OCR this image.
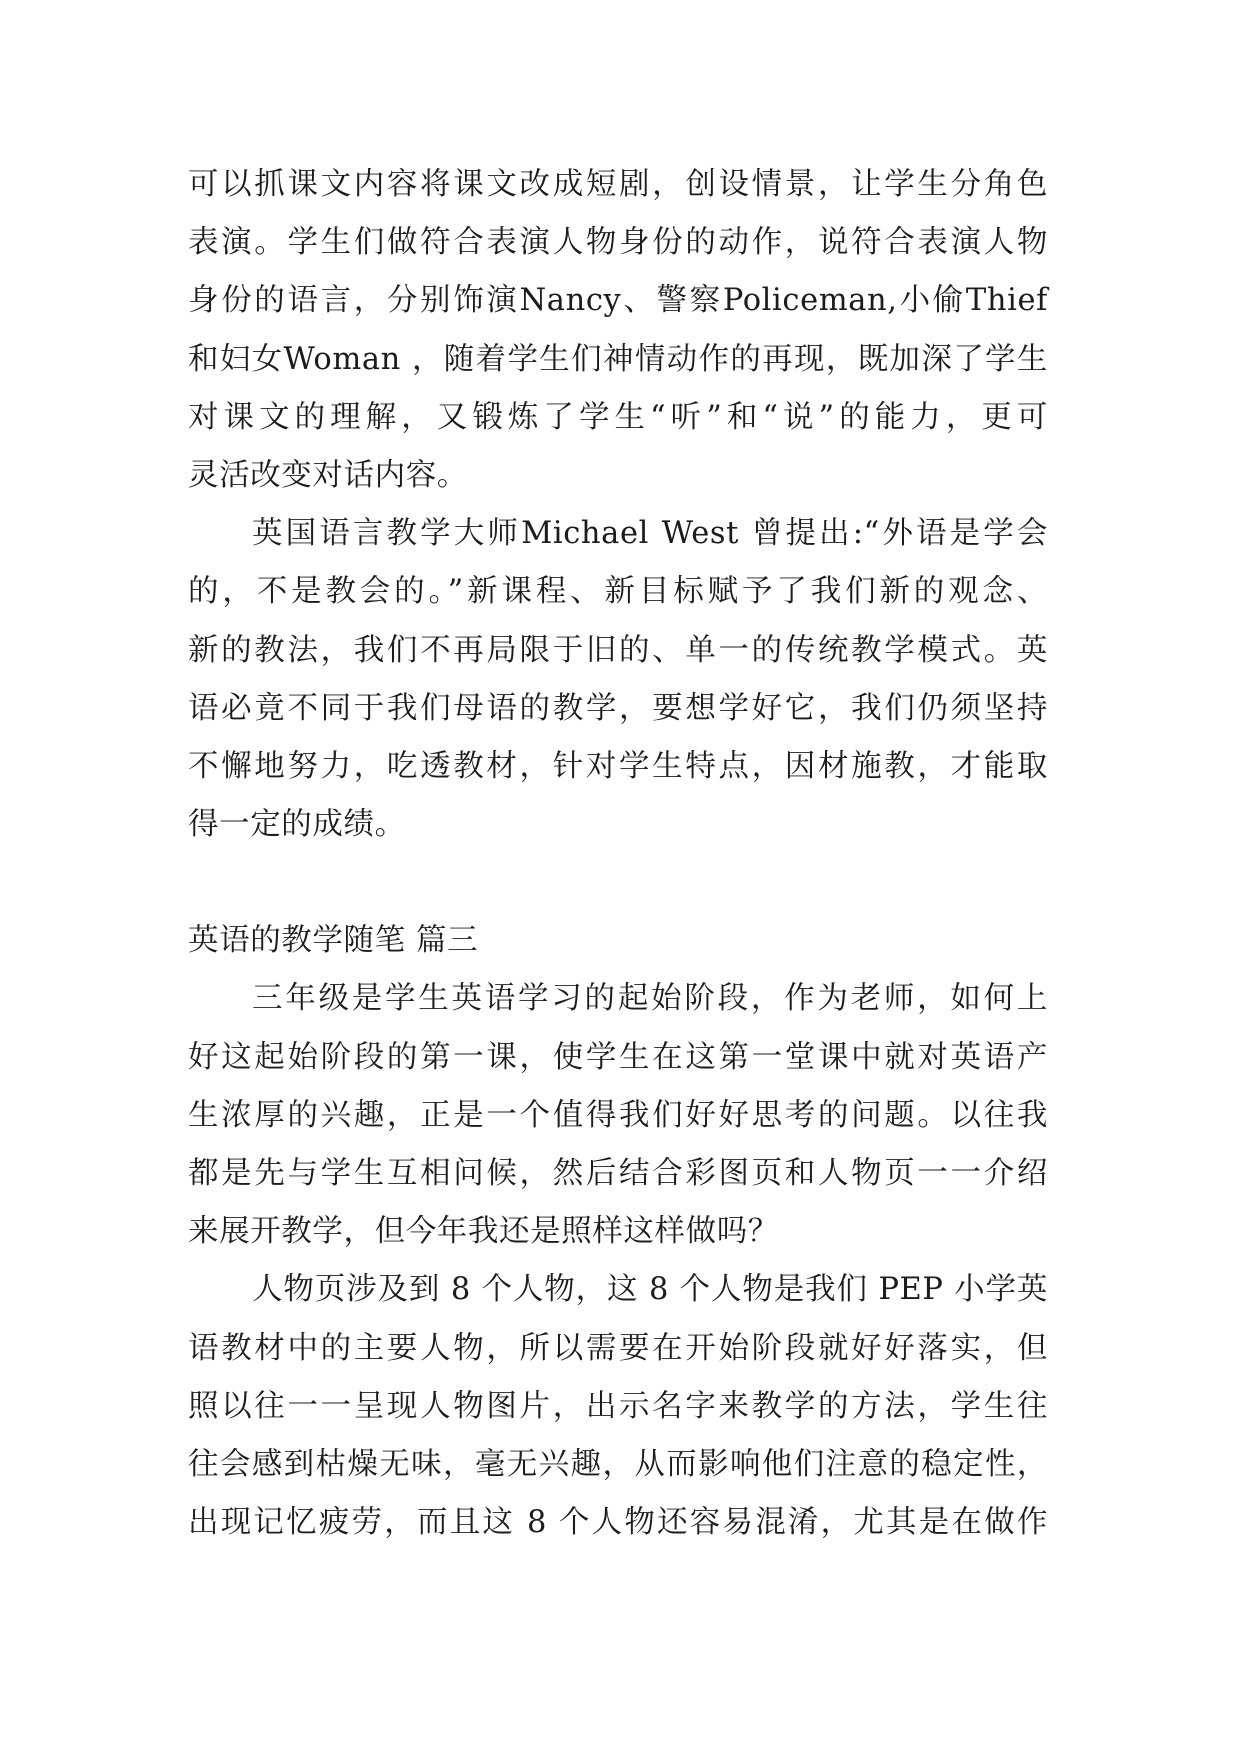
可以抓课文内容将课文改成短剧，创设情景，让学生分角色
表演。学生们做符合表演人物身份的动作，说符合表演人物
身份的语言，分别饰演Nancy、警察Policeman,小偷Thief
和妇女Woman ，随着学生们神情动作的再现，既加深了学生
对课文的理解，又锻炼了学生“听”和“说”的能力，更可
灵活改变对话内容。
英国语言教学大师Michael West 曾提出:“外语是学会
的，不是教会的。”新课程、新目标赋予了我们新的观念、
新的教法，我们不再局限于旧的、单一的传统教学模式。英
语必竟不同于我们母语的教学，要想学好它，我们仍须坚持
不懈地努力，吃透教材，针对学生特点，因材施教，才能取
得一定的成绩。
英语的教学随笔 篇三
三年级是学生英语学习的起始阶段，作为老师，如何上
好这起始阶段的第一课，使学生在这第一堂课中就对英语产
生浓厚的兴趣，正是一个值得我们好好思考的问题。以往我
都是先与学生互相问候，然后结合彩图页和人物页一一介绍
来展开教学，但今年我还是照样这样做吗？
人物页涉及到 8 个人物，这 8 个人物是我们 PEP 小学英
语教材中的主要人物，所以需要在开始阶段就好好落实，但
照以往一一呈现人物图片，出示名字来教学的方法，学生往
往会感到枯燥无味，毫无兴趣，从而影响他们注意的稳定性，
出现记忆疲劳，而且这 8 个人物还容易混淆，尤其是在做作
